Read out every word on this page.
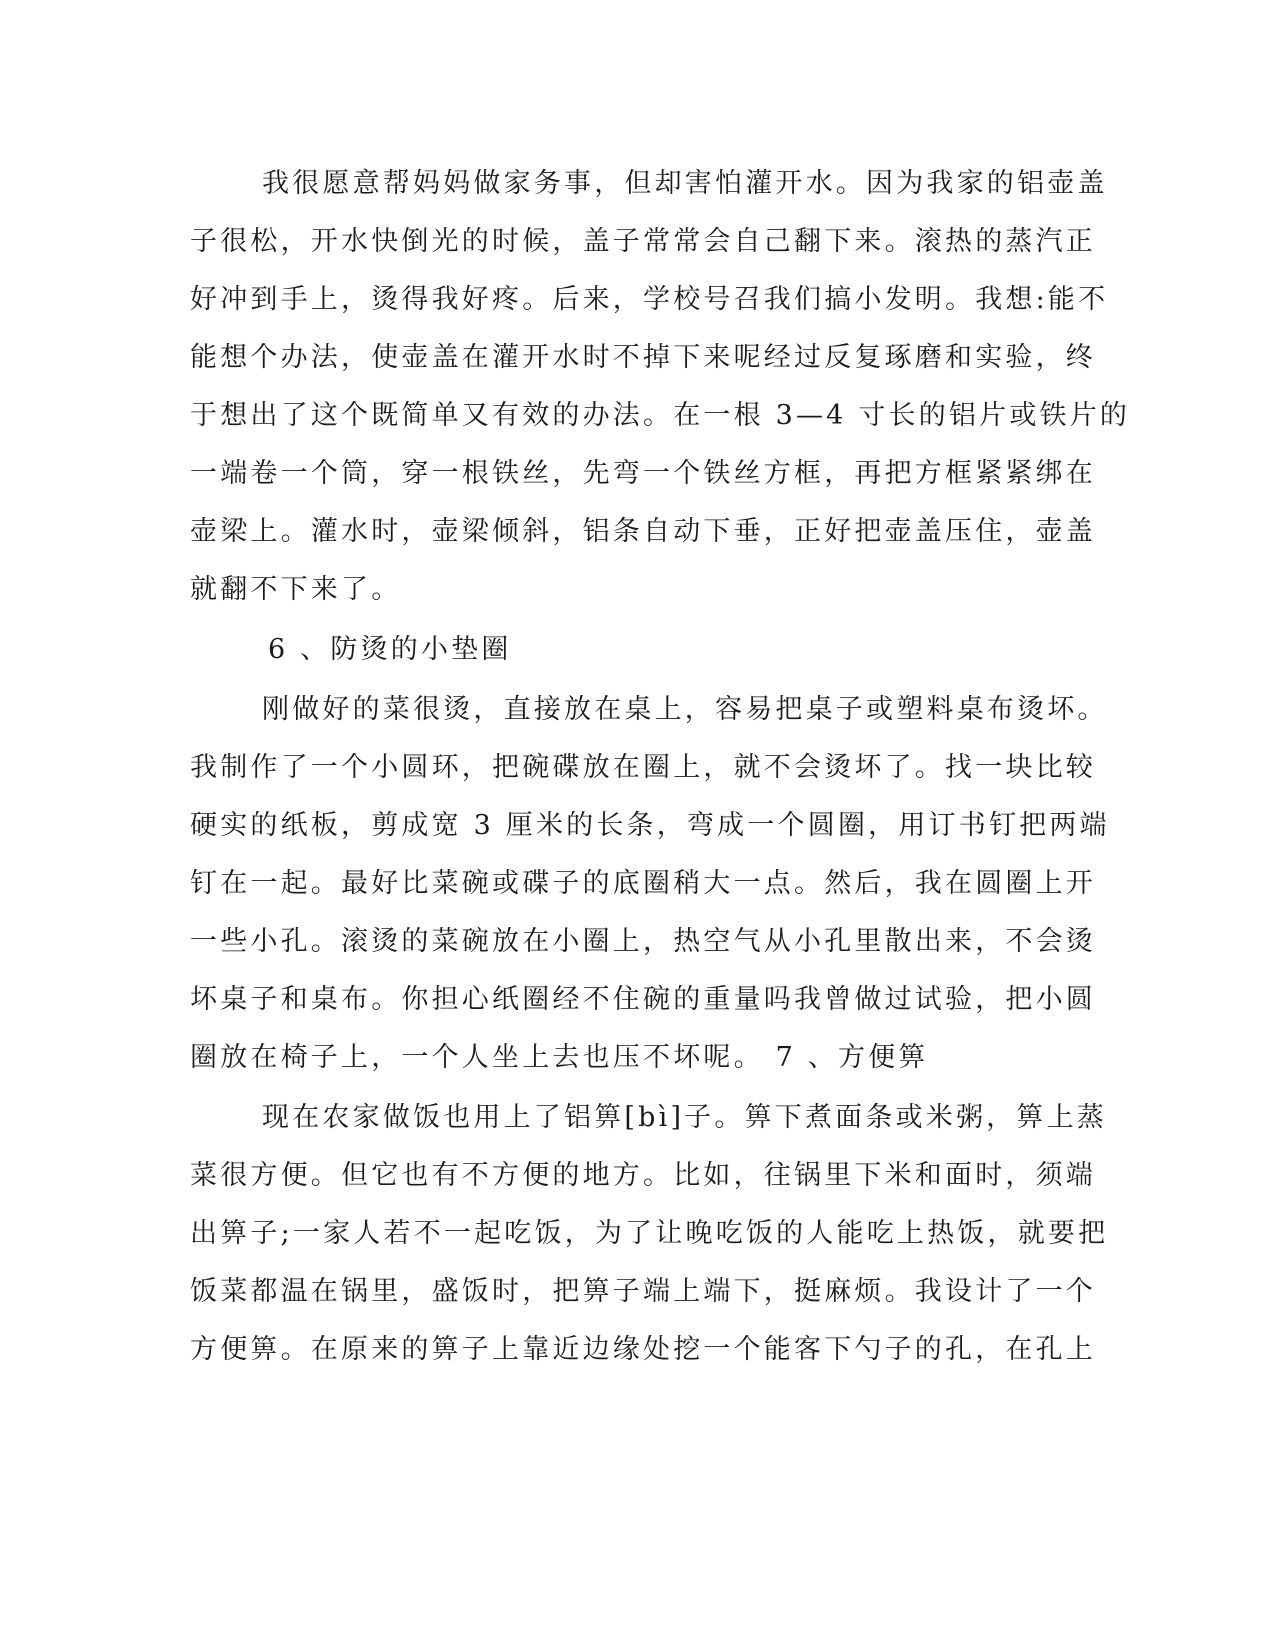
我很愿意帮妈妈做家务事，但却害怕灌开水。因为我家的铝壶盖
子很松，开水快倒光的时候，盖子常常会自己翻下来。滚热的蒸汽正
好冲到手上，烫得我好疼。后来，学校号召我们搞小发明。我想:能不
能想个办法，使壶盖在灌开水时不掉下来呢经过反复琢磨和实验，终
于想出了这个既简单又有效的办法。在一根 3—4 寸长的铝片或铁片的
一端卷一个筒，穿一根铁丝，先弯一个铁丝方框，再把方框紧紧绑在
壶梁上。灌水时，壶梁倾斜，铝条自动下垂，正好把壶盖压住，壶盖
就翻不下来了。
6 、防烫的小垫圈
刚做好的菜很烫，直接放在桌上，容易把桌子或塑料桌布烫坏。
我制作了一个小圆环，把碗碟放在圈上，就不会烫坏了。找一块比较
硬实的纸板，剪成宽 3 厘米的长条，弯成一个圆圈，用订书钉把两端
钉在一起。最好比菜碗或碟子的底圈稍大一点。然后，我在圆圈上开
一些小孔。滚烫的菜碗放在小圈上，热空气从小孔里散出来，不会烫
坏桌子和桌布。你担心纸圈经不住碗的重量吗我曾做过试验，把小圆
圈放在椅子上，一个人坐上去也压不坏呢。 7 、方便箅
现在农家做饭也用上了铝箅[bì]子。箅下煮面条或米粥，箅上蒸
菜很方便。但它也有不方便的地方。比如，往锅里下米和面时，须端
出箅子;一家人若不一起吃饭，为了让晚吃饭的人能吃上热饭，就要把
饭菜都温在锅里，盛饭时，把箅子端上端下，挺麻烦。我设计了一个
方便箅。在原来的箅子上靠近边缘处挖一个能客下勺子的孔，在孔上
